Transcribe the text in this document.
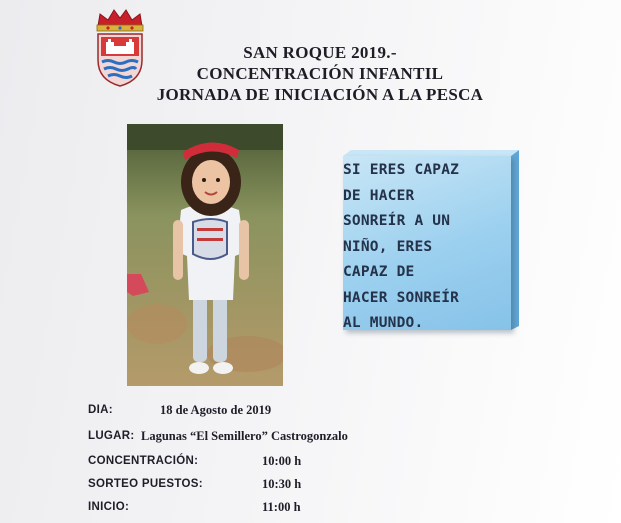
SAN ROQUE 2019.-
CONCENTRACIÓN INFANTIL
JORNADA DE INICIACIÓN A LA PESCA
SI ERES CAPAZ
DE HACER
SONREÍR A UN
NIÑO, ERES
CAPAZ DE
HACER SONREÍR
AL MUNDO.
DIA:	18 de Agosto de 2019
LUGAR: Lagunas “El Semillero” Castrogonzalo
CONCENTRACIÓN:	10:00 h
SORTEO PUESTOS:	10:30 h
INICIO:	11:00 h
